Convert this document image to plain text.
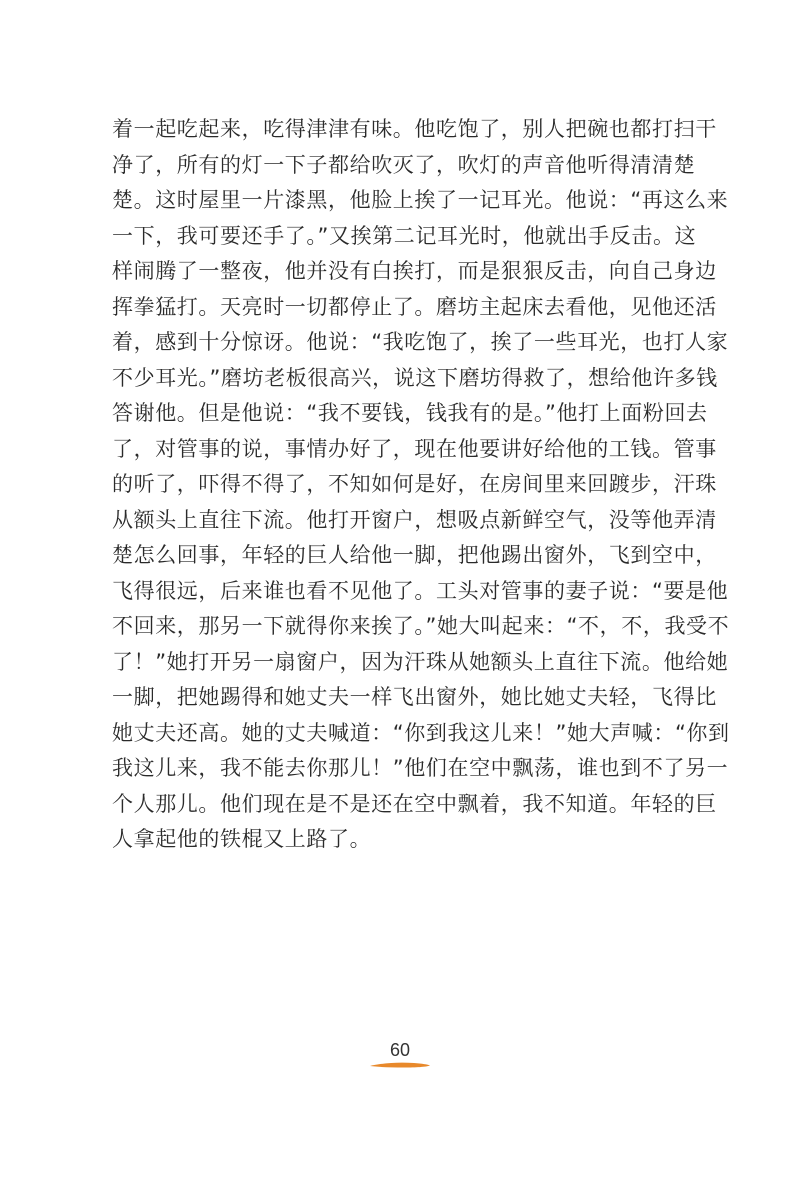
着一起吃起来，吃得津津有味。他吃饱了，别人把碗也都打扫干
净了，所有的灯一下子都给吹灭了，吹灯的声音他听得清清楚
楚。这时屋里一片漆黑，他脸上挨了一记耳光。他说：“再这么来
一下，我可要还手了。”又挨第二记耳光时，他就出手反击。这
样闹腾了一整夜，他并没有白挨打，而是狠狠反击，向自己身边
挥拳猛打。天亮时一切都停止了。磨坊主起床去看他，见他还活
着，感到十分惊讶。他说：“我吃饱了，挨了一些耳光，也打人家
不少耳光。”磨坊老板很高兴，说这下磨坊得救了，想给他许多钱
答谢他。但是他说：“我不要钱，钱我有的是。”他打上面粉回去
了，对管事的说，事情办好了，现在他要讲好给他的工钱。管事
的听了，吓得不得了，不知如何是好，在房间里来回踱步，汗珠
从额头上直往下流。他打开窗户，想吸点新鲜空气，没等他弄清
楚怎么回事，年轻的巨人给他一脚，把他踢出窗外，飞到空中，
飞得很远，后来谁也看不见他了。工头对管事的妻子说：“要是他
不回来，那另一下就得你来挨了。”她大叫起来：“不，不，我受不
了！”她打开另一扇窗户，因为汗珠从她额头上直往下流。他给她
一脚，把她踢得和她丈夫一样飞出窗外，她比她丈夫轻，飞得比
她丈夫还高。她的丈夫喊道：“你到我这儿来！”她大声喊：“你到
我这儿来，我不能去你那儿！”他们在空中飘荡，谁也到不了另一
个人那儿。他们现在是不是还在空中飘着，我不知道。年轻的巨
人拿起他的铁棍又上路了。
60
